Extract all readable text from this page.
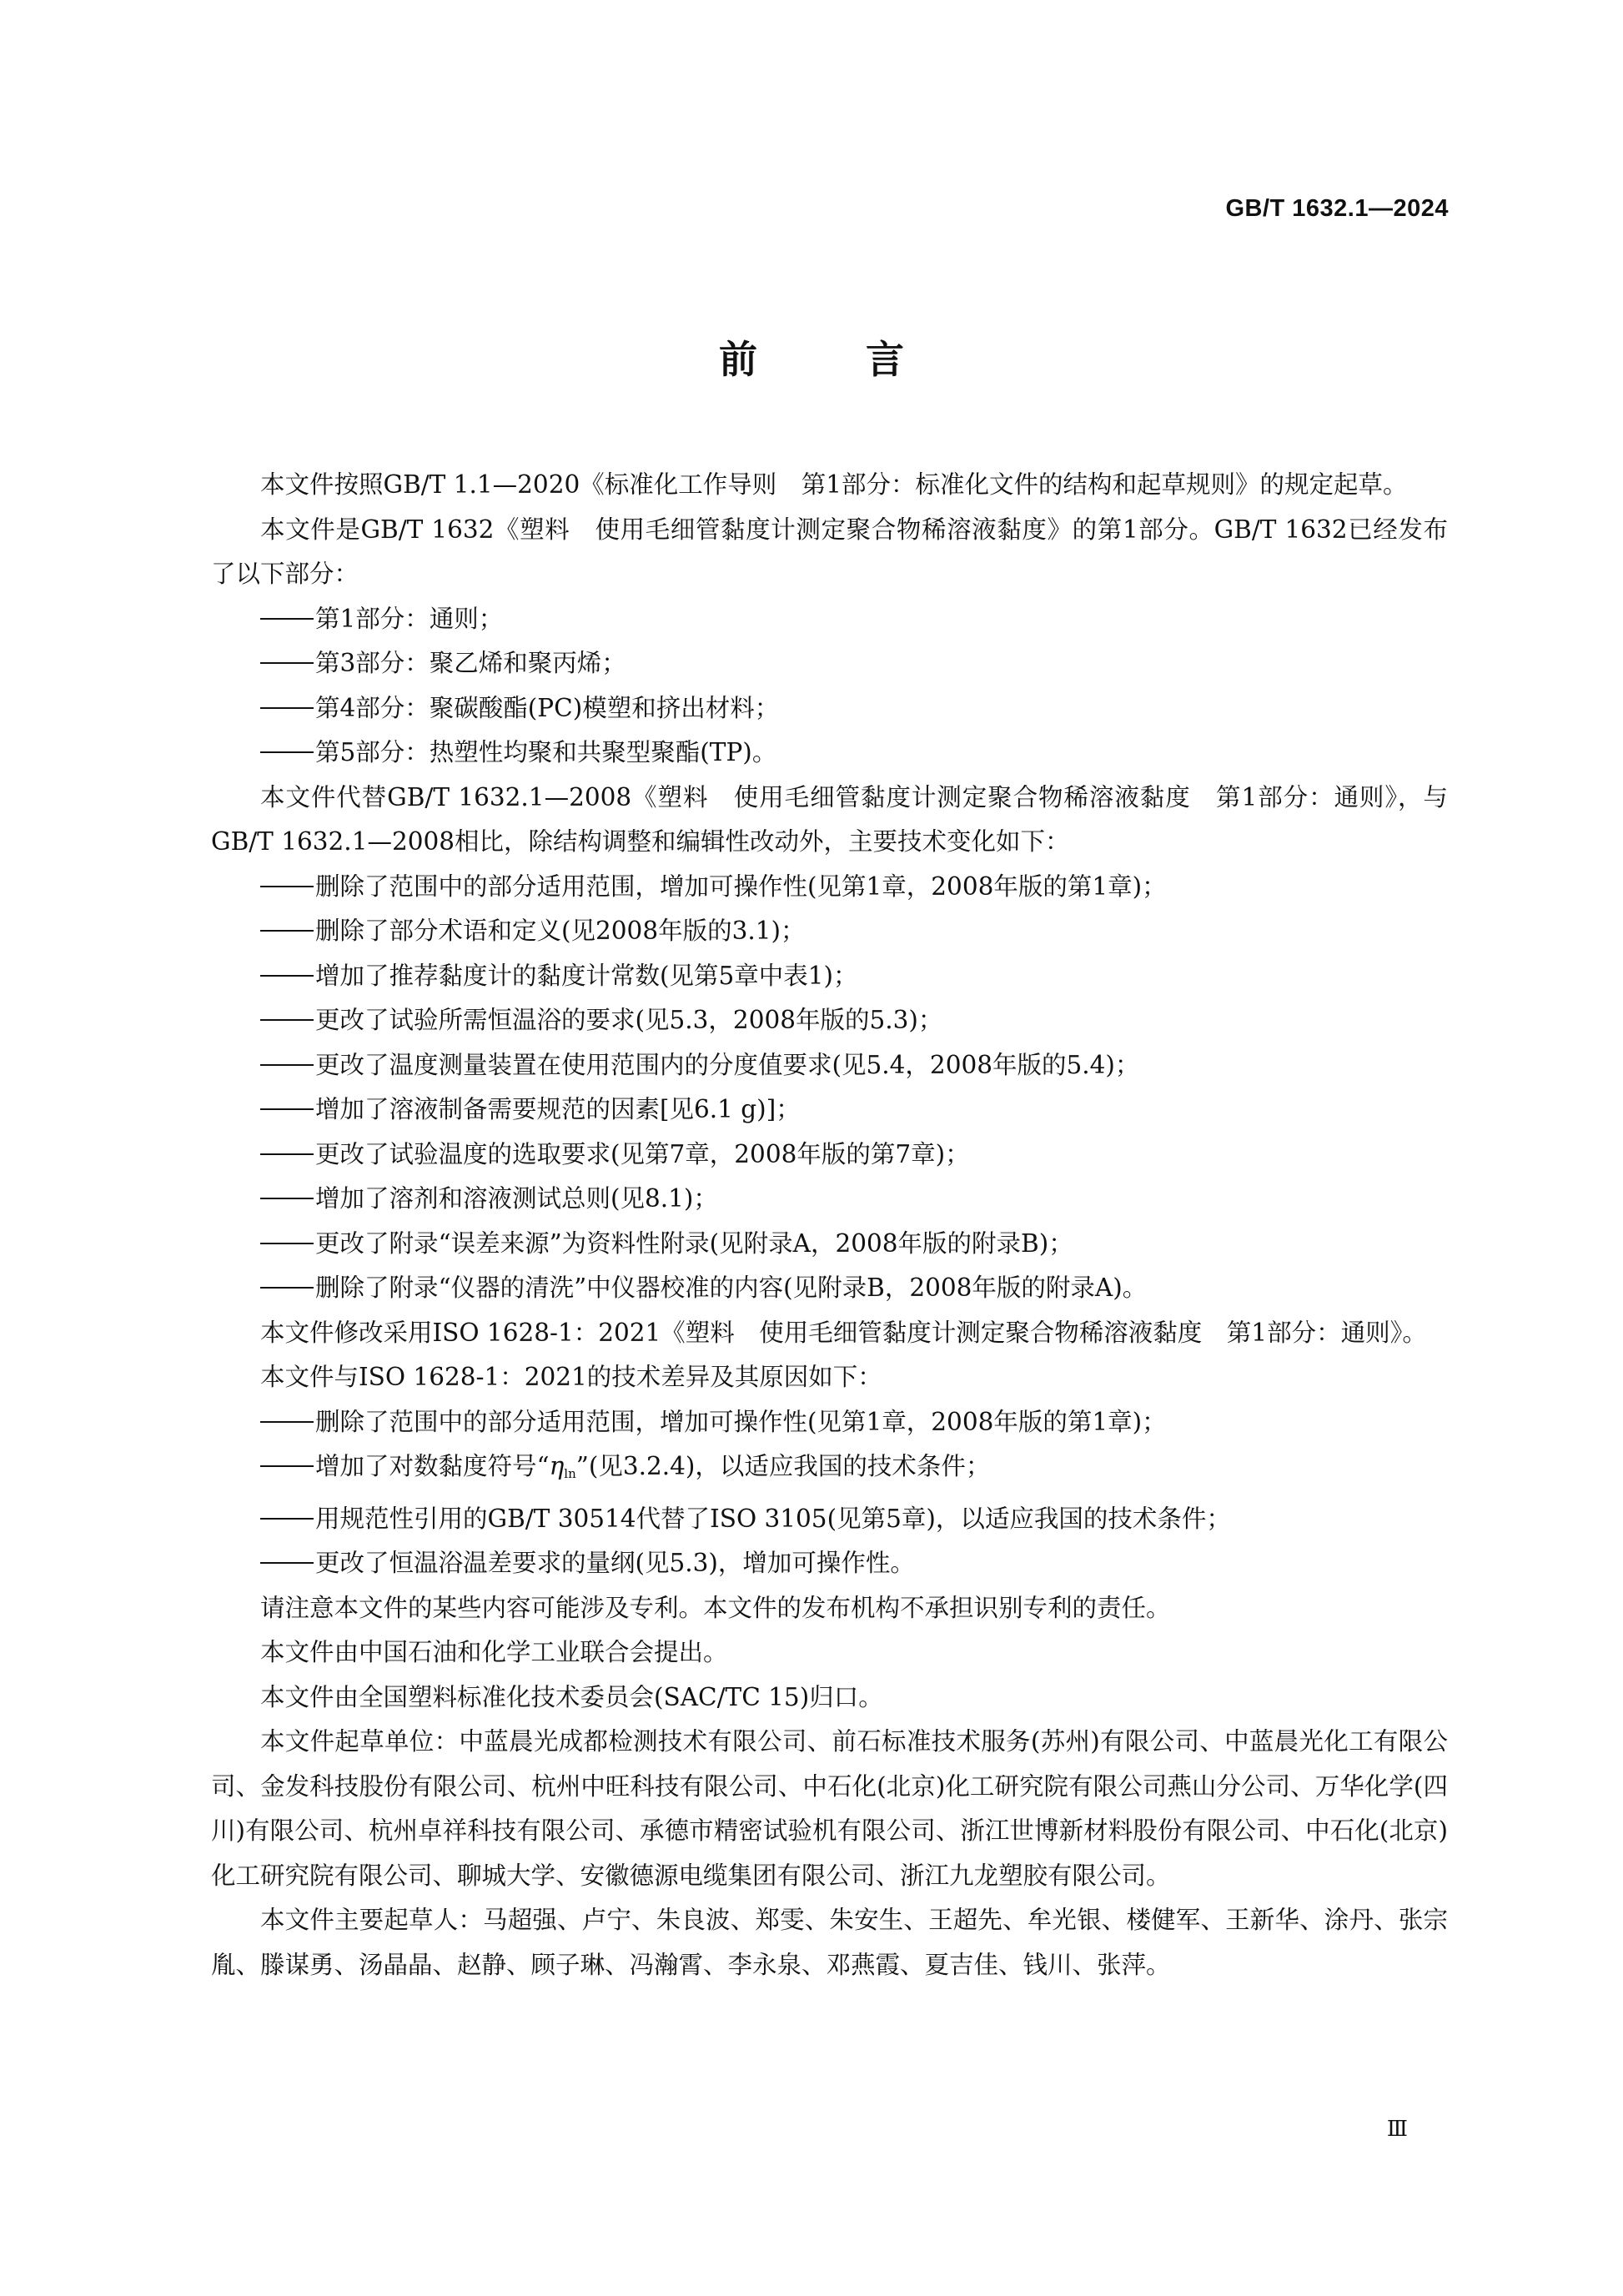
GB/T 1632.1—2024
前	言

本文件按照GB/T 1.1—2020《标准化工作导则　第1部分：标准化文件的结构和起草规则》的规定起草。

本文件是GB/T 1632《塑料　使用毛细管黏度计测定聚合物稀溶液黏度》的第1部分。GB/T 1632已经发布了以下部分：

第1部分：通则；

第3部分：聚乙烯和聚丙烯；

第4部分：聚碳酸酯(PC)模塑和挤出材料；

第5部分：热塑性均聚和共聚型聚酯(TP)。

本文件代替GB/T 1632.1—2008《塑料　使用毛细管黏度计测定聚合物稀溶液黏度　第1部分：通则》，与GB/T 1632.1—2008相比，除结构调整和编辑性改动外，主要技术变化如下：

删除了范围中的部分适用范围，增加可操作性(见第1章，2008年版的第1章)；

删除了部分术语和定义(见2008年版的3.1)；

增加了推荐黏度计的黏度计常数(见第5章中表1)；

更改了试验所需恒温浴的要求(见5.3，2008年版的5.3)；

更改了温度测量装置在使用范围内的分度值要求(见5.4，2008年版的5.4)；

增加了溶液制备需要规范的因素[见6.1 g)]；

更改了试验温度的选取要求(见第7章，2008年版的第7章)；

增加了溶剂和溶液测试总则(见8.1)；

更改了附录“误差来源”为资料性附录(见附录A，2008年版的附录B)；

删除了附录“仪器的清洗”中仪器校准的内容(见附录B，2008年版的附录A)。

本文件修改采用ISO 1628-1：2021《塑料　使用毛细管黏度计测定聚合物稀溶液黏度　第1部分：通则》。

本文件与ISO 1628-1：2021的技术差异及其原因如下：

删除了范围中的部分适用范围，增加可操作性(见第1章，2008年版的第1章)；

增加了对数黏度符号“$\eta_{ln}$”(见3.2.4)，以适应我国的技术条件；

用规范性引用的GB/T 30514代替了ISO 3105(见第5章)，以适应我国的技术条件；

更改了恒温浴温差要求的量纲(见5.3)，增加可操作性。

请注意本文件的某些内容可能涉及专利。本文件的发布机构不承担识别专利的责任。

本文件由中国石油和化学工业联合会提出。

本文件由全国塑料标准化技术委员会(SAC/TC 15)归口。

本文件起草单位：中蓝晨光成都检测技术有限公司、前石标准技术服务(苏州)有限公司、中蓝晨光化工有限公司、金发科技股份有限公司、杭州中旺科技有限公司、中石化(北京)化工研究院有限公司燕山分公司、万华化学(四川)有限公司、杭州卓祥科技有限公司、承德市精密试验机有限公司、浙江世博新材料股份有限公司、中石化(北京)化工研究院有限公司、聊城大学、安徽德源电缆集团有限公司、浙江九龙塑胶有限公司。

本文件主要起草人：马超强、卢宁、朱良波、郑雯、朱安生、王超先、牟光银、楼健军、王新华、涂丹、张宗胤、滕谋勇、汤晶晶、赵静、顾子琳、冯瀚霄、李永泉、邓燕霞、夏吉佳、钱川、张萍。

Ⅲ
